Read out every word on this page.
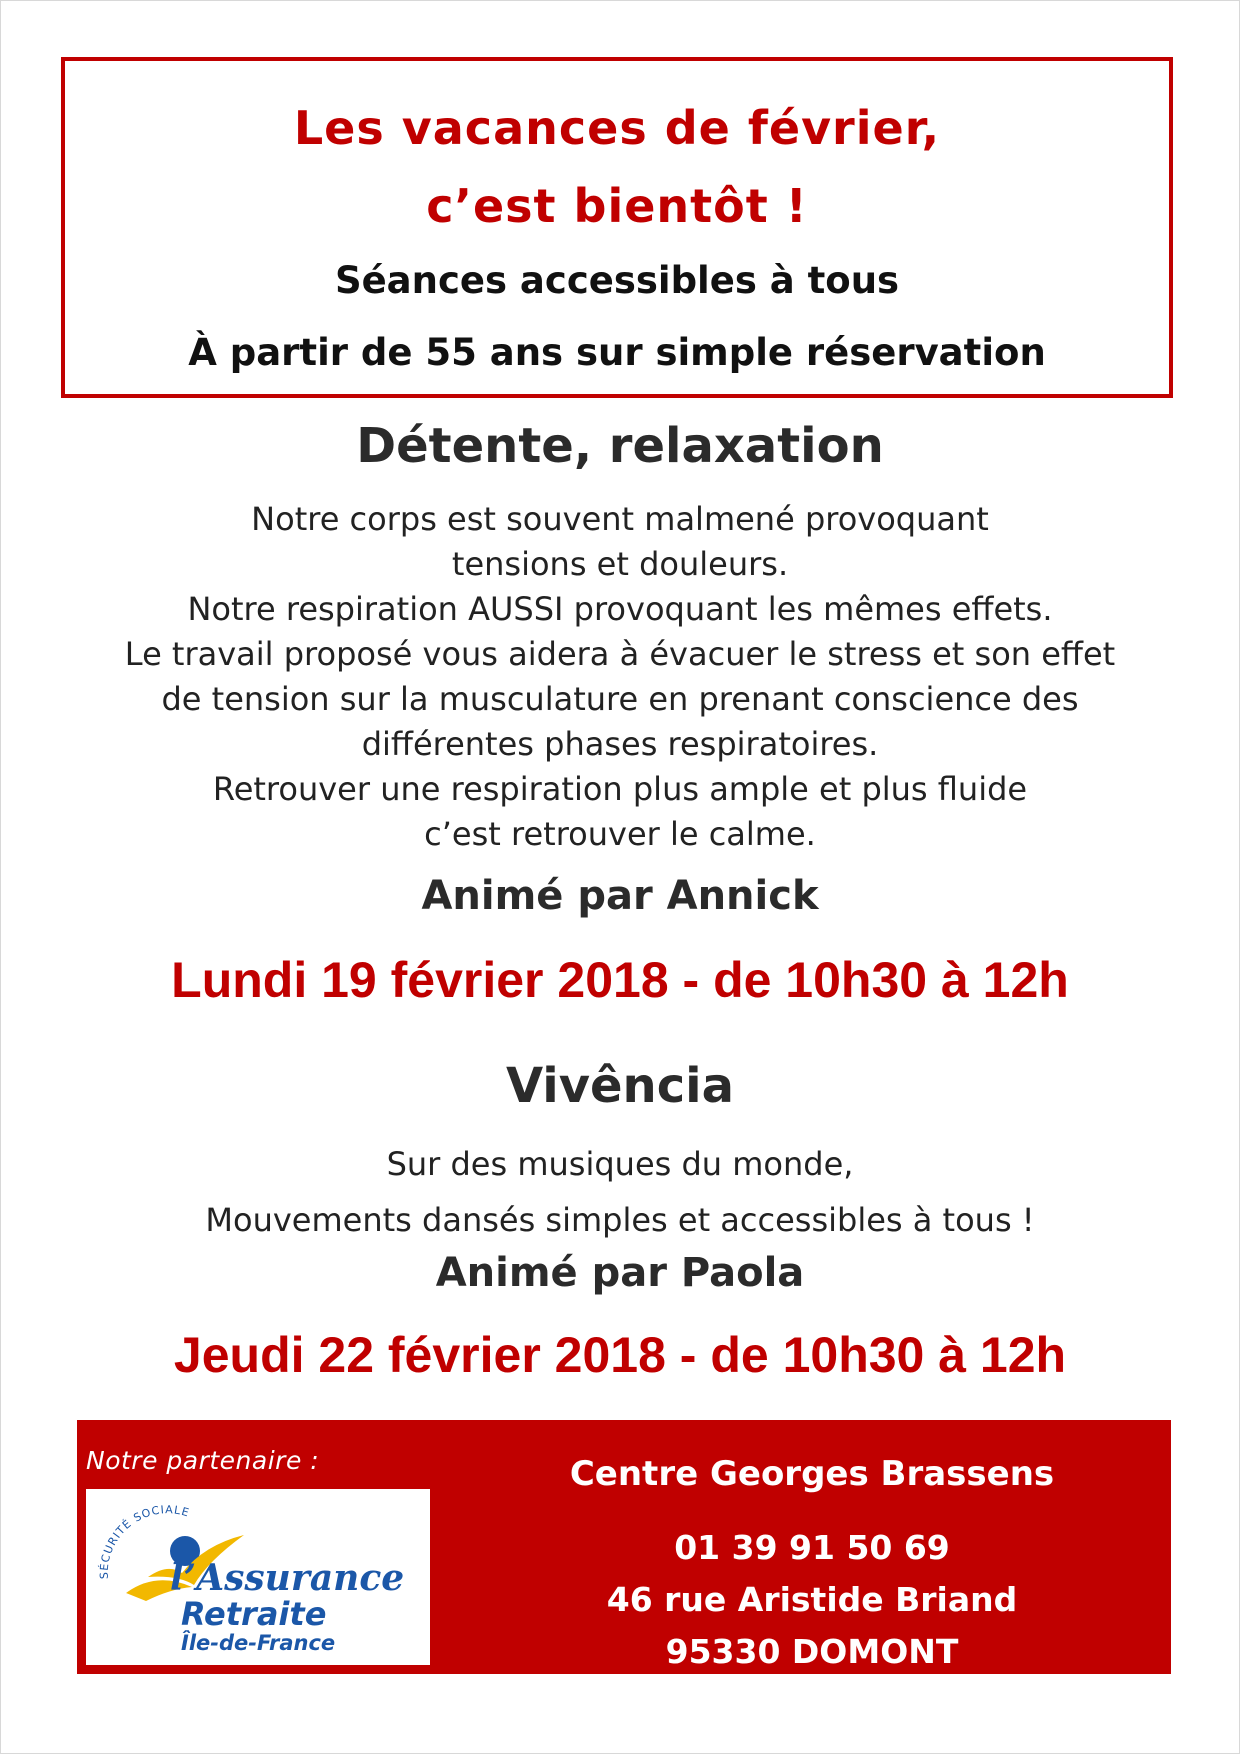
Les vacances de février,
c’est bientôt !
Séances accessibles à tous
À partir de 55 ans sur simple réservation
Détente, relaxation
Notre corps est souvent malmené provoquant
tensions et douleurs.
Notre respiration AUSSI provoquant les mêmes effets.
Le travail proposé vous aidera à évacuer le stress et son effet
de tension sur la musculature en prenant conscience des
différentes phases respiratoires.
Retrouver une respiration plus ample et plus fluide
c’est retrouver le calme.
Animé par Annick
Lundi 19 février 2018 - de 10h30 à 12h
Vivência
Sur des musiques du monde,
Mouvements dansés simples et accessibles à tous !
Animé par Paola
Jeudi 22 février 2018 - de 10h30 à 12h
Notre partenaire :
SÉCURITÉ SOCIALE
l’Assurance
Retraite
Île-de-France
Centre Georges Brassens
01 39 91 50 69
46 rue Aristide Briand
95330 DOMONT
